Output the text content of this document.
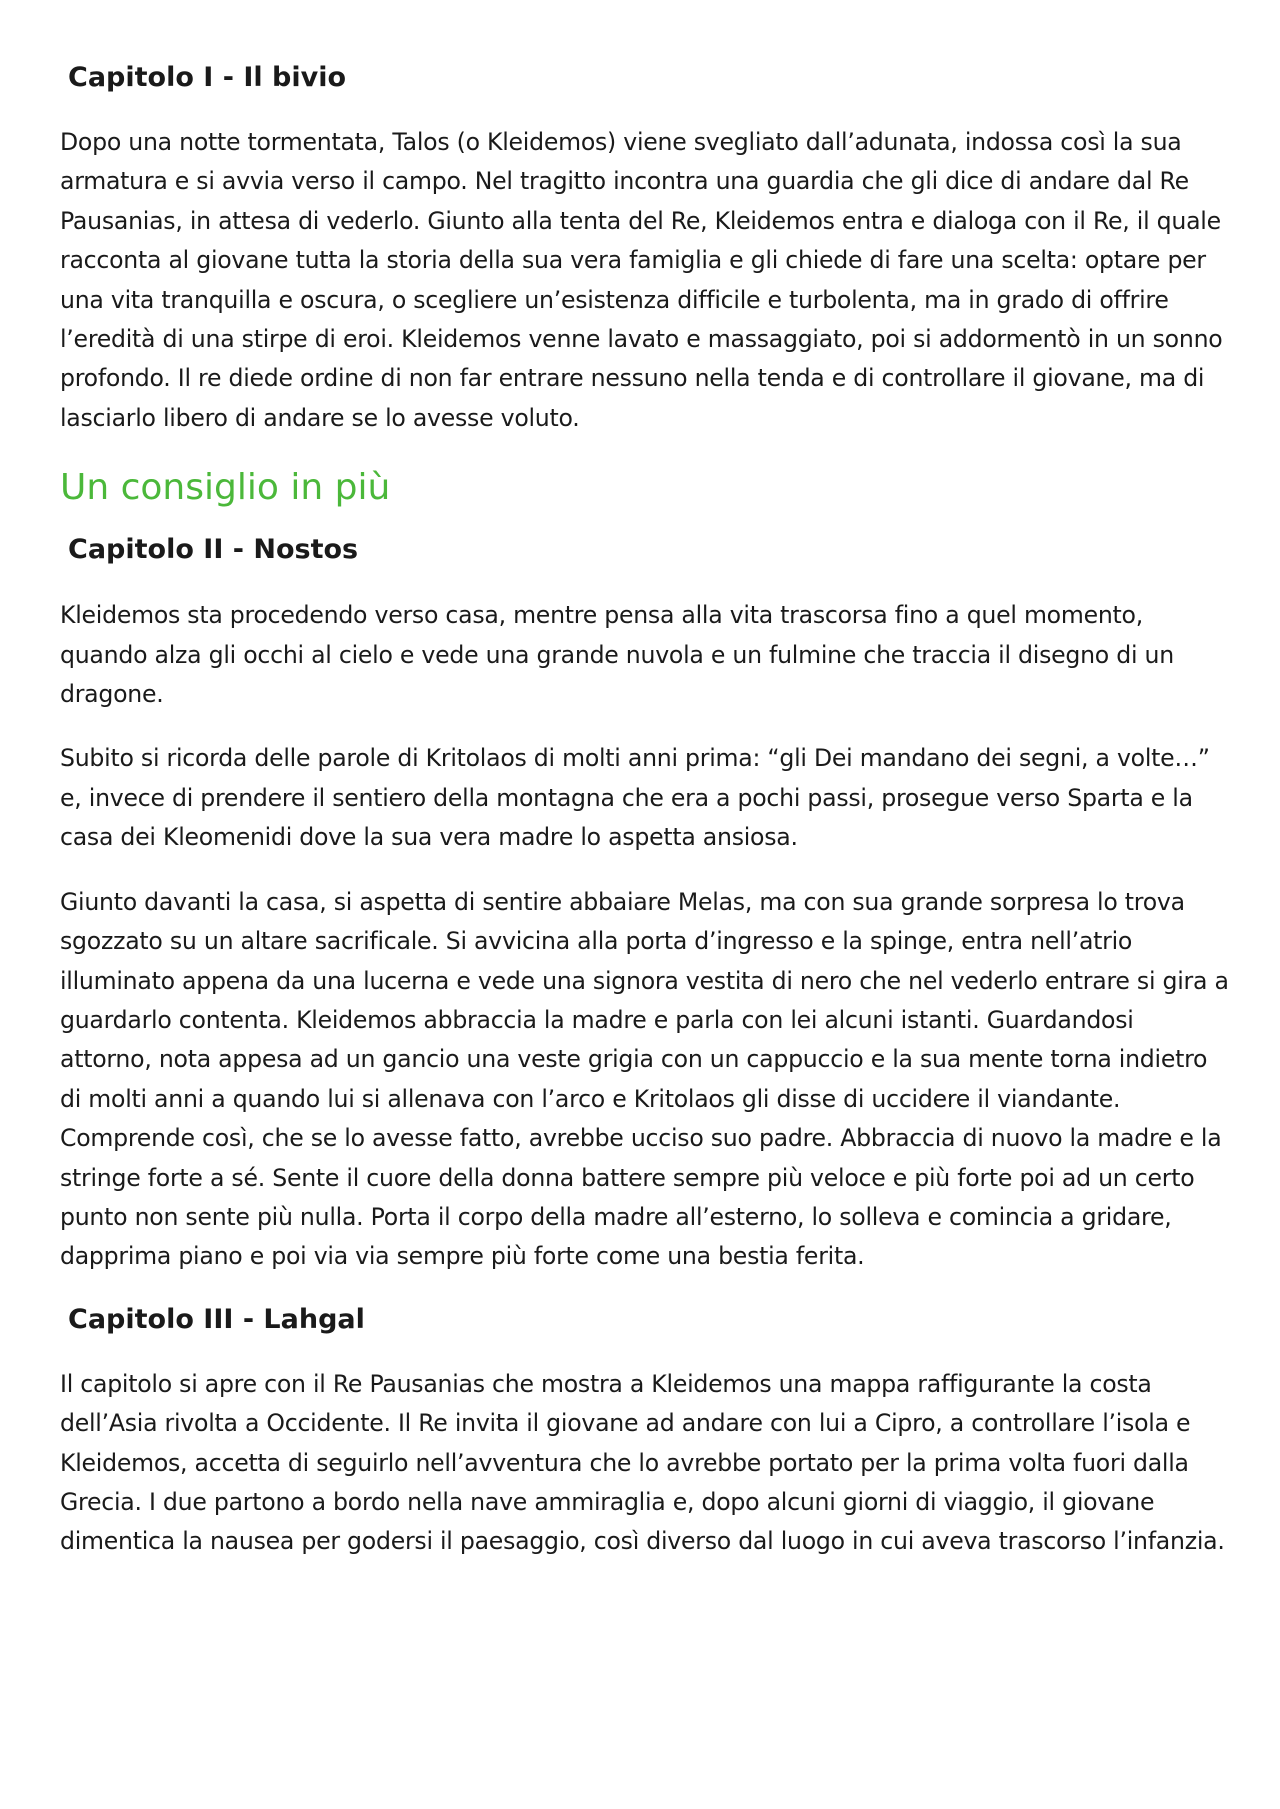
Capitolo I - Il bivio

Dopo una notte tormentata, Talos (o Kleidemos) viene svegliato dall’adunata, indossa così la sua armatura e si avvia verso il campo. Nel tragitto incontra una guardia che gli dice di andare dal Re Pausanias, in attesa di vederlo. Giunto alla tenta del Re, Kleidemos entra e dialoga con il Re, il quale racconta al giovane tutta la storia della sua vera famiglia e gli chiede di fare una scelta: optare per una vita tranquilla e oscura, o scegliere un’esistenza difficile e turbolenta, ma in grado di offrire l’eredità di una stirpe di eroi. Kleidemos venne lavato e massaggiato, poi si addormentò in un sonno profondo. Il re diede ordine di non far entrare nessuno nella tenda e di controllare il giovane, ma di lasciarlo libero di andare se lo avesse voluto.

Un consiglio in più
Capitolo II - Nostos

Kleidemos sta procedendo verso casa, mentre pensa alla vita trascorsa fino a quel momento, quando alza gli occhi al cielo e vede una grande nuvola e un fulmine che traccia il disegno di un dragone.

Subito si ricorda delle parole di Kritolaos di molti anni prima: “gli Dei mandano dei segni, a volte…” e, invece di prendere il sentiero della montagna che era a pochi passi, prosegue verso Sparta e la casa dei Kleomenidi dove la sua vera madre lo aspetta ansiosa.

Giunto davanti la casa, si aspetta di sentire abbaiare Melas, ma con sua grande sorpresa lo trova sgozzato su un altare sacrificale. Si avvicina alla porta d’ingresso e la spinge, entra nell’atrio illuminato appena da una lucerna e vede una signora vestita di nero che nel vederlo entrare si gira a guardarlo contenta. Kleidemos abbraccia la madre e parla con lei alcuni istanti. Guardandosi attorno, nota appesa ad un gancio una veste grigia con un cappuccio e la sua mente torna indietro di molti anni a quando lui si allenava con l’arco e Kritolaos gli disse di uccidere il viandante. Comprende così, che se lo avesse fatto, avrebbe ucciso suo padre. Abbraccia di nuovo la madre e la stringe forte a sé. Sente il cuore della donna battere sempre più veloce e più forte poi ad un certo punto non sente più nulla. Porta il corpo della madre all’esterno, lo solleva e comincia a gridare, dapprima piano e poi via via sempre più forte come una bestia ferita.

Capitolo III - Lahgal

Il capitolo si apre con il Re Pausanias che mostra a Kleidemos una mappa raffigurante la costa dell’Asia rivolta a Occidente. Il Re invita il giovane ad andare con lui a Cipro, a controllare l’isola e Kleidemos, accetta di seguirlo nell’avventura che lo avrebbe portato per la prima volta fuori dalla Grecia. I due partono a bordo nella nave ammiraglia e, dopo alcuni giorni di viaggio, il giovane dimentica la nausea per godersi il paesaggio, così diverso dal luogo in cui aveva trascorso l’infanzia.
